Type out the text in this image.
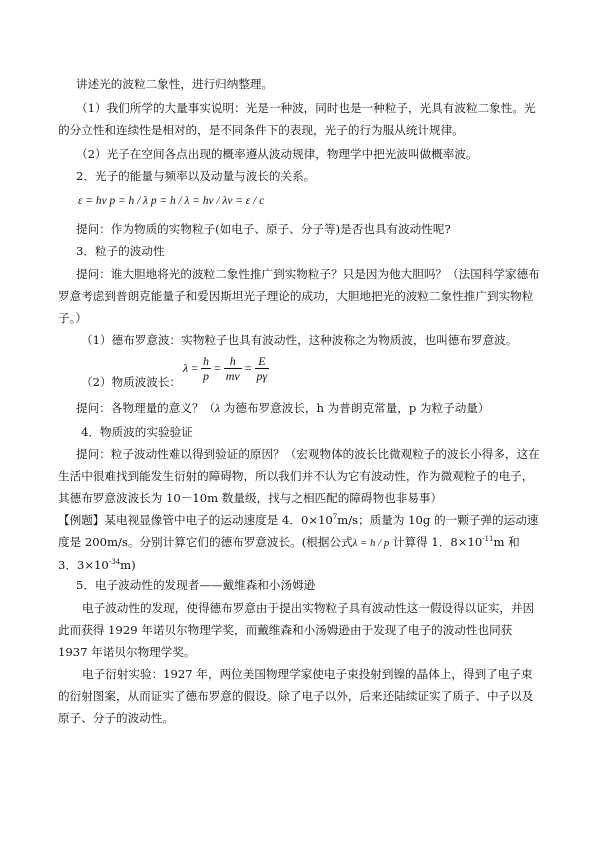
讲述光的波粒二象性，进行归纳整理。
（1）我们所学的大量事实说明：光是一种波，同时也是一种粒子，光具有波粒二象性。光的分立性和连续性是相对的，是不同条件下的表现，光子的行为服从统计规律。
（2）光子在空间各点出现的概率遵从波动规律，物理学中把光波叫做概率波。
2．光子的能量与频率以及动量与波长的关系。
ε = hν p = h / λ p = h / λ = hν / λν = ε / c
提问：作为物质的实物粒子(如电子、原子、分子等)是否也具有波动性呢?
3．粒子的波动性
提问：谁大胆地将光的波粒二象性推广到实物粒子？只是因为他大胆吗？（法国科学家德布罗意考虑到普朗克能量子和爱因斯坦光子理论的成功，大胆地把光的波粒二象性推广到实物粒子。）
（1）德布罗意波：实物粒子也具有波动性，这种波称之为物质波，也叫德布罗意波。
$\lambda = \frac{h}{p} = \frac{h}{mv} = \frac{E}{p\gamma}$
（2）物质波波长：
提问：各物理量的意义？（λ 为德布罗意波长，h 为普朗克常量，p 为粒子动量）
4．物质波的实验验证
提问：粒子波动性难以得到验证的原因？（宏观物体的波长比微观粒子的波长小得多，这在生活中很难找到能发生衍射的障碍物，所以我们并不认为它有波动性，作为微观粒子的电子，其德布罗意波波长为 10－10m 数量级，找与之相匹配的障碍物也非易事）
【例题】某电视显像管中电子的运动速度是 4．$0\times 10^7m/s$；质量为 10g 的一颗子弹的运动速度是 200m/s。分别计算它们的德布罗意波长。(根据公式λ = h / p 计算得 1．$8\times 10^{-11}m$ 和 3．$3\times 10^{-34}m$)
5．电子波动性的发现者——戴维森和小汤姆逊
电子波动性的发现，使得德布罗意由于提出实物粒子具有波动性这一假设得以证实，并因此而获得 1929 年诺贝尔物理学奖，而戴维森和小汤姆逊由于发现了电子的波动性也同获 1937 年诺贝尔物理学奖。
电子衍射实验：1927 年，两位美国物理学家使电子束投射到镍的晶体上，得到了电子束的衍射图案，从而证实了德布罗意的假设。除了电子以外，后来还陆续证实了质子、中子以及原子、分子的波动性。
